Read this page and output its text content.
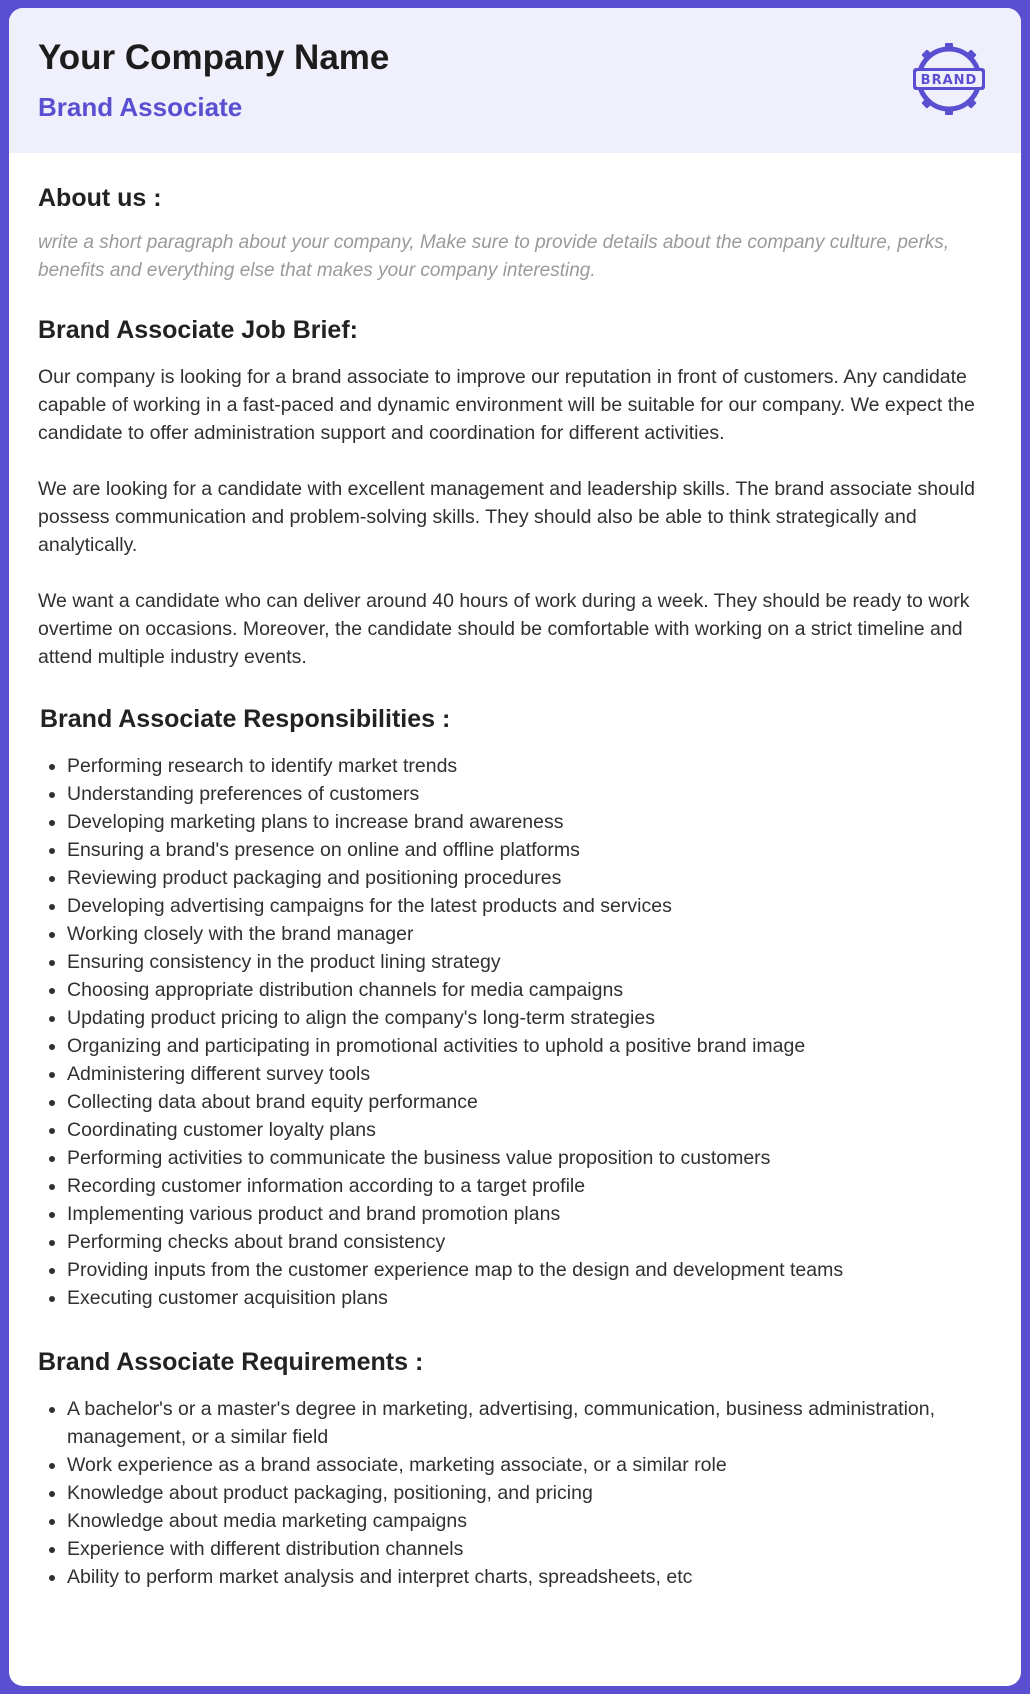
Your Company Name
Brand Associate
BRAND
About us :

write a short paragraph about your company, Make sure to provide details about the company culture, perks, benefits and everything else that makes your company interesting.

Brand Associate Job Brief:

Our company is looking for a brand associate to improve our reputation in front of customers. Any candidate capable of working in a fast-paced and dynamic environment will be suitable for our company. We expect the candidate to offer administration support and coordination for different activities.

We are looking for a candidate with excellent management and leadership skills. The brand associate should possess communication and problem-solving skills. They should also be able to think strategically and analytically.

We want a candidate who can deliver around 40 hours of work during a week. They should be ready to work overtime on occasions. Moreover, the candidate should be comfortable with working on a strict timeline and attend multiple industry events.

Brand Associate Responsibilities :
• Performing research to identify market trends
• Understanding preferences of customers
• Developing marketing plans to increase brand awareness
• Ensuring a brand's presence on online and offline platforms
• Reviewing product packaging and positioning procedures
• Developing advertising campaigns for the latest products and services
• Working closely with the brand manager
• Ensuring consistency in the product lining strategy
• Choosing appropriate distribution channels for media campaigns
• Updating product pricing to align the company's long-term strategies
• Organizing and participating in promotional activities to uphold a positive brand image
• Administering different survey tools
• Collecting data about brand equity performance
• Coordinating customer loyalty plans
• Performing activities to communicate the business value proposition to customers
• Recording customer information according to a target profile
• Implementing various product and brand promotion plans
• Performing checks about brand consistency
• Providing inputs from the customer experience map to the design and development teams
• Executing customer acquisition plans
Brand Associate Requirements :
• A bachelor's or a master's degree in marketing, advertising, communication, business administration, management, or a similar field
• Work experience as a brand associate, marketing associate, or a similar role
• Knowledge about product packaging, positioning, and pricing
• Knowledge about media marketing campaigns
• Experience with different distribution channels
• Ability to perform market analysis and interpret charts, spreadsheets, etc
